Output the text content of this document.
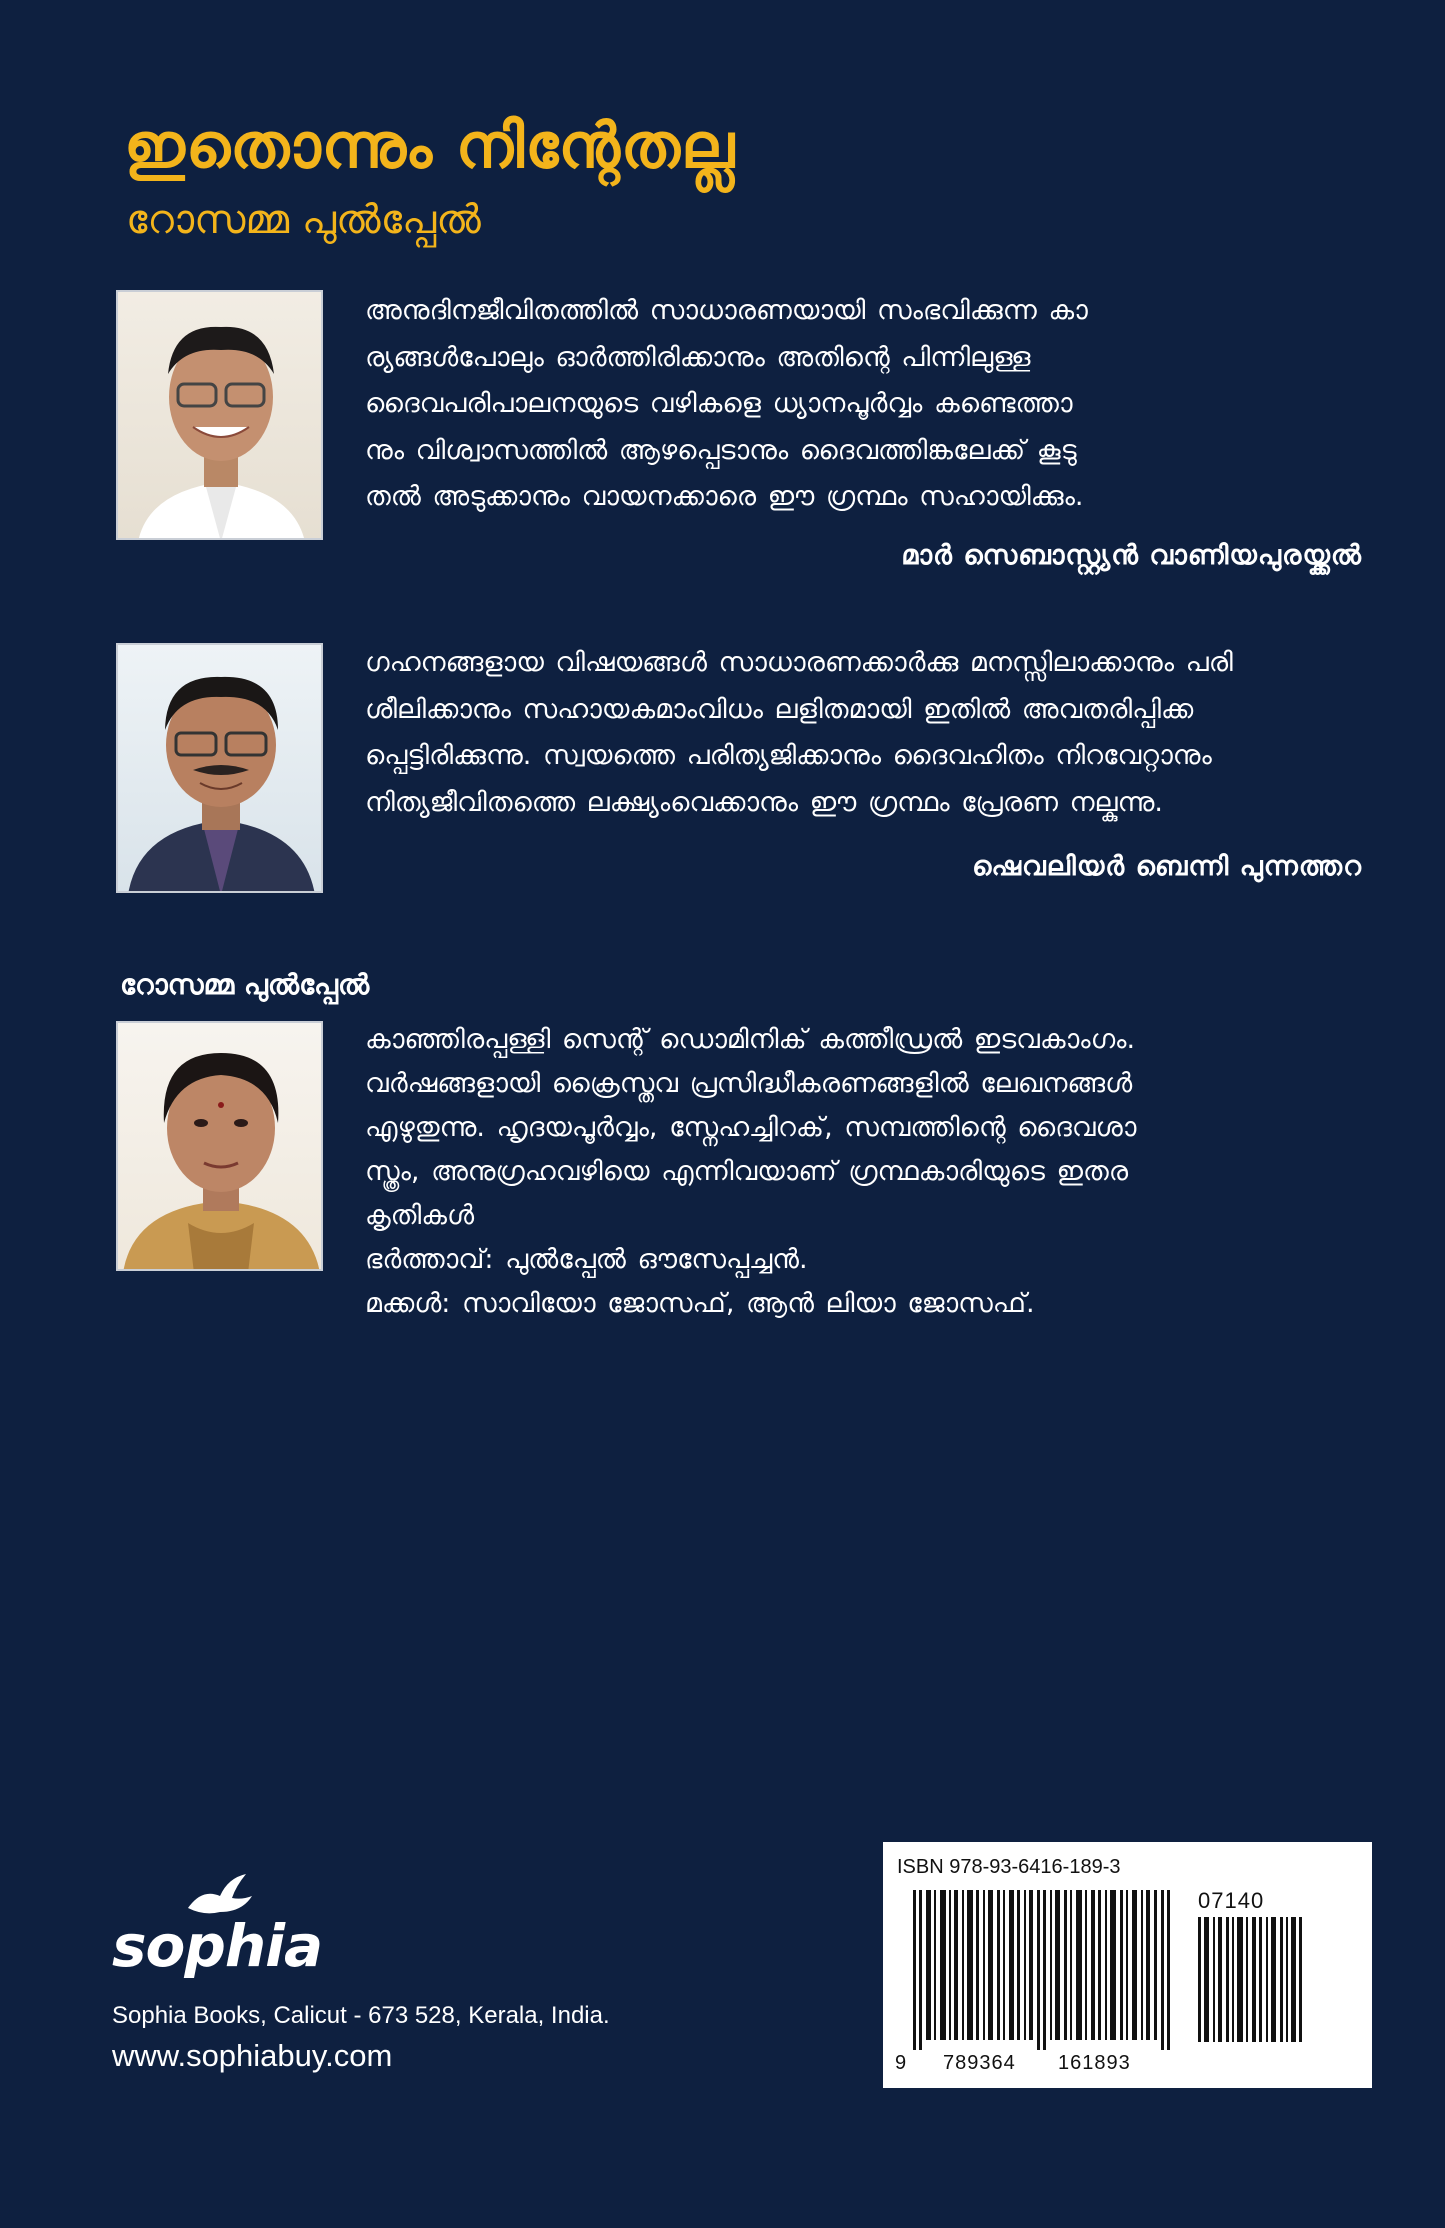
ഇതൊന്നും നിന്റേതല്ല

റോസമ്മ പുൽപ്പേൽ

അനുദിനജീവിതത്തിൽ സാധാരണയായി സംഭവിക്കുന്ന കാ
ര്യങ്ങൾപോലും ഓർത്തിരിക്കാനും അതിന്റെ പിന്നിലുള്ള
ദൈവപരിപാലനയുടെ വഴികളെ ധ്യാനപൂർവ്വം കണ്ടെത്താ
നും വിശ്വാസത്തിൽ ആഴപ്പെടാനും ദൈവത്തിങ്കലേക്ക് കൂടു
തൽ അടുക്കാനും വായനക്കാരെ ഈ ഗ്രന്ഥം സഹായിക്കും.

മാർ സെബാസ്റ്റ്യൻ വാണിയപുരയ്ക്കൽ

ഗഹനങ്ങളായ വിഷയങ്ങൾ സാധാരണക്കാർക്കു മനസ്സിലാക്കാനും പരി
ശീലിക്കാനും സഹായകമാംവിധം ലളിതമായി ഇതിൽ അവതരിപ്പിക്ക
പ്പെട്ടിരിക്കുന്നു. സ്വയത്തെ പരിത്യജിക്കാനും ദൈവഹിതം നിറവേറ്റാനും
നിത്യജീവിതത്തെ ലക്ഷ്യംവെക്കാനും ഈ ഗ്രന്ഥം പ്രേരണ നല്കുന്നു.

ഷെവലിയർ ബെന്നി പുന്നത്തറ

റോസമ്മ പുൽപ്പേൽ

കാഞ്ഞിരപ്പള്ളി സെന്റ് ഡൊമിനിക് കത്തീഡ്രൽ ഇടവകാംഗം.
വർഷങ്ങളായി ക്രൈസ്തവ പ്രസിദ്ധീകരണങ്ങളിൽ ലേഖനങ്ങൾ
എഴുതുന്നു. ഹൃദയപൂർവ്വം, സ്നേഹച്ചിറക്, സമ്പത്തിന്റെ ദൈവശാ
സ്ത്രം, അനുഗ്രഹവഴിയെ എന്നിവയാണ് ഗ്രന്ഥകാരിയുടെ ഇതര
കൃതികൾ
ഭർത്താവ്: പുൽപ്പേൽ ഔസേപ്പച്ചൻ.
മക്കൾ: സാവിയോ ജോസഫ്, ആൻ ലിയാ ജോസഫ്.
sophia

Sophia Books, Calicut - 673 528, Kerala, India.

www.sophiabuy.com

ISBN 978-93-6416-189-3

07140
9 789364 161893
